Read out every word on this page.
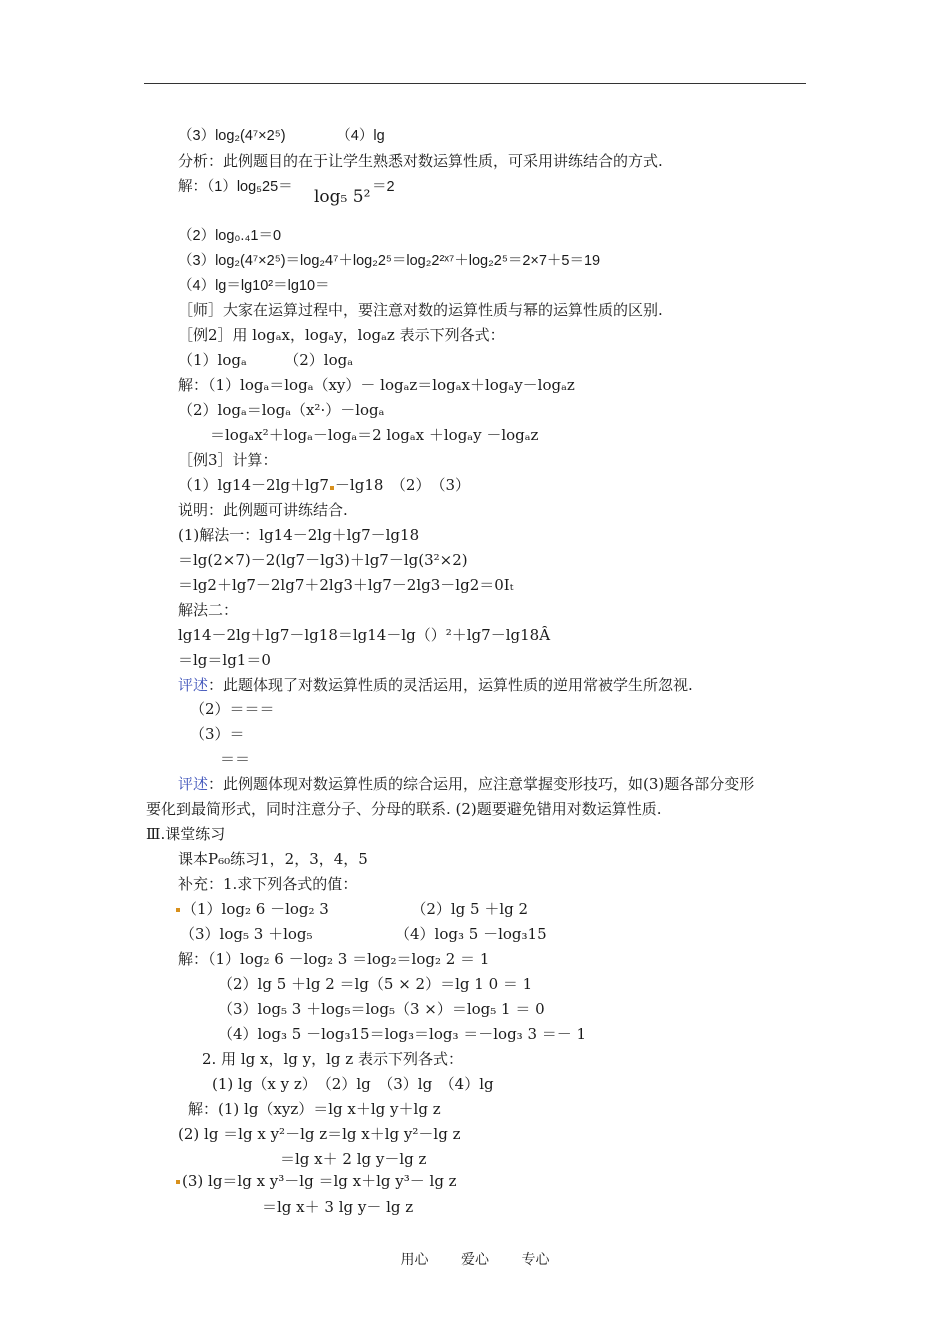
（3）log₂(4⁷×2⁵)　　　　（4）lg
分析：此例题目的在于让学生熟悉对数运算性质，可采用讲练结合的方式.
解：（1）log₅25＝ log₅ 5² ＝2
（2）log₀.₄1＝0
（3）log₂(4⁷×2⁵)＝log₂4⁷＋log₂2⁵＝log₂2²ˣ⁷＋log₂2⁵＝2×7＋5＝19
（4）lg＝lg10²＝lg10＝
［师］大家在运算过程中，要注意对数的运算性质与幂的运算性质的区别.
［例2］用 logₐx，logₐy，logₐz 表示下列各式：
（1）logₐ　　　（2）logₐ
解：（1）logₐ＝logₐ（xy）－ logₐz＝logₐx＋logₐy－logₐz
（2）logₐ＝logₐ（x²·）－logₐ
＝logₐx²＋logₐ－logₐ＝2 logₐx ＋logₐy －logₐz
［例3］计算：
（1）lg14－2lg＋lg7 －lg18　（2）　（3）
说明：此例题可讲练结合.
(1)解法一：lg14－2lg＋lg7－lg18
＝lg(2×7)－2(lg7－lg3)＋lg7－lg(3²×2)
＝lg2＋lg7－2lg7＋2lg3＋lg7－2lg3－lg2＝0Iₜ
解法二：
lg14－2lg＋lg7－lg18＝lg14－lg（）²＋lg7－lg18Ȃ
＝lg＝lg1＝0
评述：此题体现了对数运算性质的灵活运用，运算性质的逆用常被学生所忽视.
（2）＝＝＝
（3）＝
＝＝
评述：此例题体现对数运算性质的综合运用，应注意掌握变形技巧，如(3)题各部分变形
要化到最简形式，同时注意分子、分母的联系. (2)题要避免错用对数运算性质.
Ⅲ.课堂练习
课本P₆₀练习1，2，3，4，5
补充：1.求下列各式的值：
（1）log₂ 6 －log₂ 3　　　　　　（2）lg 5 ＋lg 2
（3）log₅ 3 ＋log₅　　　　　　（4）log₃ 5 －log₃15
解：（1）log₂ 6 －log₂ 3 ＝log₂＝log₂ 2 ＝ 1
（2）lg 5 ＋lg 2 ＝lg（5 × 2）＝lg 1 0 ＝ 1
（3）log₅ 3 ＋log₅＝log₅（3 ×）＝log₅ 1 ＝ 0
（4）log₃ 5 －log₃15＝log₃＝log₃ ＝－log₃ 3 ＝－ 1
2. 用 lg x，lg y，lg z 表示下列各式：
(1) lg（x y z）　（2）lg　（3）lg　（4）lg
解：(1) lg（xyz）＝lg x＋lg y＋lg z
(2) lg ＝lg x y²－lg z＝lg x＋lg y²－lg z
＝lg x＋ 2 lg y－lg z
(3) lg＝lg x y³－lg ＝lg x＋lg y³－ lg z
＝lg x＋ 3 lg y－ lg z
用心 爱心 专心
